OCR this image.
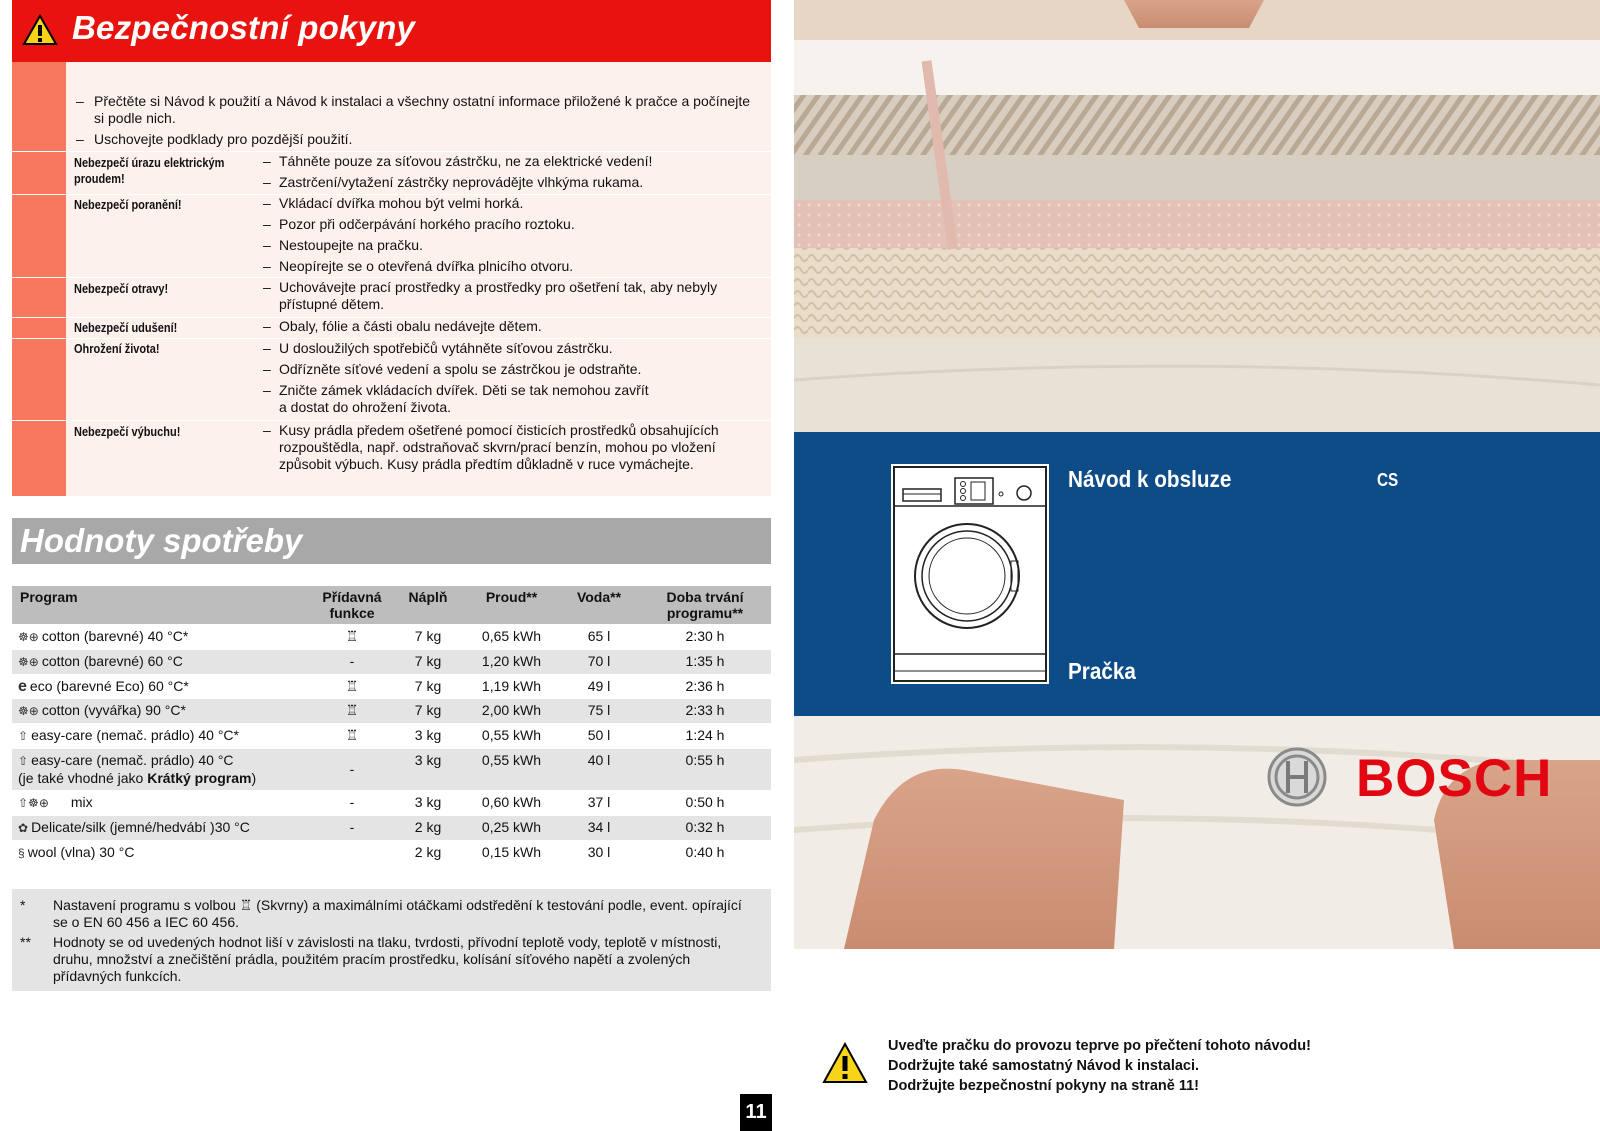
Bezpečnostní pokyny
– Přečtěte si Návod k použití a Návod k instalaci a všechny ostatní informace přiložené k pračce a počínejte si podle nich.
– Uschovejte podklady pro pozdější použití.
Nebezpečí úrazu elektrickým proudem!
– Táhněte pouze za síťovou zástrčku, ne za elektrické vedení!
– Zastrčení/vytažení zástrčky neprovádějte vlhkýma rukama.
Nebezpečí poranění!	– Vkládací dvířka mohou být velmi horká.
– Pozor při odčerpávání horkého pracího roztoku.
– Nestoupejte na pračku.
– Neopírejte se o otevřená dvířka plnicího otvoru.
Nebezpečí otravy!	– Uchovávejte prací prostředky a prostředky pro ošetření tak, aby nebyly přístupné dětem.
Nebezpečí udušení!	– Obaly, fólie a části obalu nedávejte dětem.
Ohrožení života!	– U dosloužilých spotřebičů vytáhněte síťovou zástrčku.
– Odřízněte síťové vedení a spolu se zástrčkou je odstraňte.
– Zničte zámek vkládacích dvířek. Děti se tak nemohou zavřít a dostat do ohrožení života.
Nebezpečí výbuchu!	– Kusy prádla předem ošetřené pomocí čisticích prostředků obsahujících rozpouštědla, např. odstraňovač skvrn/prací benzín, mohou po vložení způsobit výbuch. Kusy prádla předtím důkladně v ruce vymáchejte.
Hodnoty spotřeby
Program	Přídavná funkce	Náplň	Proud**	Voda**	Doba trvání programu**
☸⊕ cotton (barevné) 40 °C*	♖	7 kg	0,65 kWh	65 l	2:30 h
☸⊕ cotton (barevné) 60 °C	-	7 kg	1,20 kWh	70 l	1:35 h
e eco (barevné Eco) 60 °C*	♖	7 kg	1,19 kWh	49 l	2:36 h
☸⊕ cotton (vyvářka) 90 °C*	♖	7 kg	2,00 kWh	75 l	2:33 h
⇧ easy-care (nemač. prádlo) 40 °C*	♖	3 kg	0,55 kWh	50 l	1:24 h
⇧ easy-care (nemač. prádlo) 40 °C
(je také vhodné jako Krátký program)	-	3 kg	0,55 kWh	40 l	0:55 h
⇧☸⊕ mix	-	3 kg	0,60 kWh	37 l	0:50 h
✿ Delicate/silk (jemné/hedvábí )30 °C	-	2 kg	0,25 kWh	34 l	0:32 h
§ wool (vlna) 30 °C		2 kg	0,15 kWh	30 l	0:40 h
*	Nastavení programu s volbou ♖ (Skvrny) a maximálními otáčkami odstředění k testování podle, event. opírající se o EN 60 456 a IEC 60 456.
**	Hodnoty se od uvedených hodnot liší v závislosti na tlaku, tvrdosti, přívodní teplotě vody, teplotě v místnosti, druhu, množství a znečištění prádla, použitém pracím prostředku, kolísání síťového napětí a zvolených přídavných funkcích.
11
Návod k obsluze	CS
Pračka
BOSCH
Uveďte pračku do provozu teprve po přečtení tohoto návodu!
Dodržujte také samostatný Návod k instalaci.
Dodržujte bezpečnostní pokyny na straně 11!
